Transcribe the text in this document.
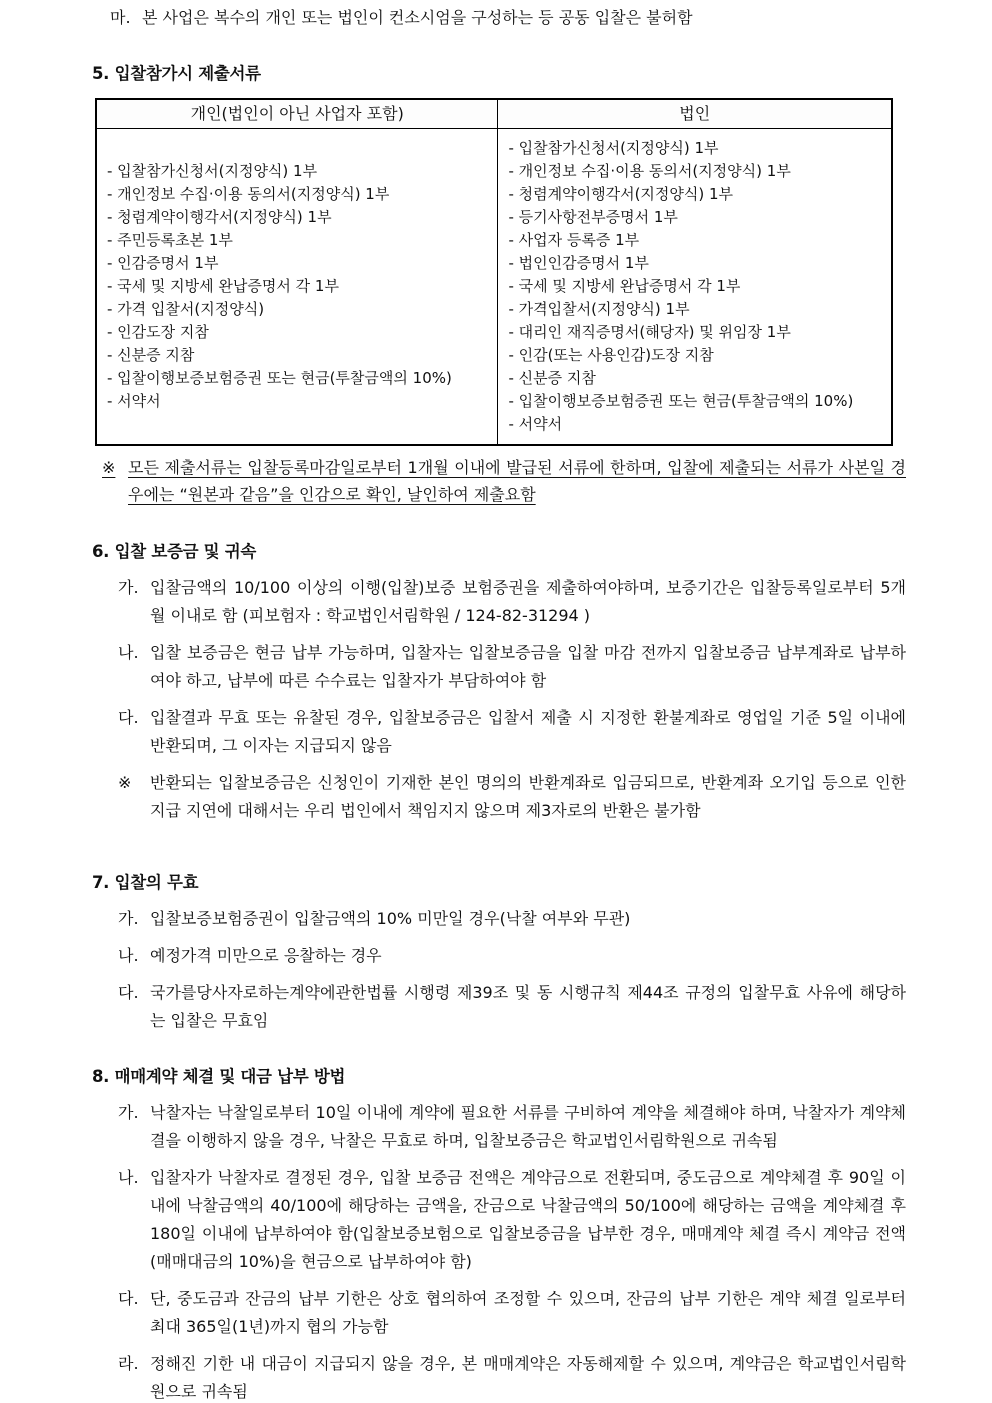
마. 본 사업은 복수의 개인 또는 법인이 컨소시엄을 구성하는 등 공동 입찰은 불허함
5. 입찰참가시 제출서류
개인(법인이 아닌 사업자 포함)	법인

- 입찰참가신청서(지정양식) 1부
- 개인정보 수집·이용 동의서(지정양식) 1부
- 청렴계약이행각서(지정양식) 1부
- 주민등록초본 1부
- 인감증명서 1부
- 국세 및 지방세 완납증명서 각 1부
- 가격 입찰서(지정양식)
- 인감도장 지참
- 신분증 지참
- 입찰이행보증보험증권 또는 현금(투찰금액의 10%)
- 서약서

- 입찰참가신청서(지정양식) 1부
- 개인정보 수집·이용 동의서(지정양식) 1부
- 청렴계약이행각서(지정양식) 1부
- 등기사항전부증명서 1부
- 사업자 등록증 1부
- 법인인감증명서 1부
- 국세 및 지방세 완납증명서 각 1부
- 가격입찰서(지정양식) 1부
- 대리인 재직증명서(해당자) 및 위임장 1부
- 인감(또는 사용인감)도장 지참
- 신분증 지참
- 입찰이행보증보험증권 또는 현금(투찰금액의 10%)
- 서약서
※ 모든 제출서류는 입찰등록마감일로부터 1개월 이내에 발급된 서류에 한하며, 입찰에 제출되는 서류가 사본일 경우에는 “원본과 같음”을 인감으로 확인, 날인하여 제출요함
6. 입찰 보증금 및 귀속
가. 입찰금액의 10/100 이상의 이행(입찰)보증 보험증권을 제출하여야하며, 보증기간은 입찰등록일로부터 5개월 이내로 함 (피보험자 : 학교법인서림학원 / 124-82-31294 )
나. 입찰 보증금은 현금 납부 가능하며, 입찰자는 입찰보증금을 입찰 마감 전까지 입찰보증금 납부계좌로 납부하여야 하고, 납부에 따른 수수료는 입찰자가 부담하여야 함
다. 입찰결과 무효 또는 유찰된 경우, 입찰보증금은 입찰서 제출 시 지정한 환불계좌로 영업일 기준 5일 이내에 반환되며, 그 이자는 지급되지 않음
※ 반환되는 입찰보증금은 신청인이 기재한 본인 명의의 반환계좌로 입금되므로, 반환계좌 오기입 등으로 인한 지급 지연에 대해서는 우리 법인에서 책임지지 않으며 제3자로의 반환은 불가함
7. 입찰의 무효
가. 입찰보증보험증권이 입찰금액의 10% 미만일 경우(낙찰 여부와 무관)
나. 예정가격 미만으로 응찰하는 경우
다. 국가를당사자로하는계약에관한법률 시행령 제39조 및 동 시행규칙 제44조 규정의 입찰무효 사유에 해당하는 입찰은 무효임
8. 매매계약 체결 및 대금 납부 방법
가. 낙찰자는 낙찰일로부터 10일 이내에 계약에 필요한 서류를 구비하여 계약을 체결해야 하며, 낙찰자가 계약체결을 이행하지 않을 경우, 낙찰은 무효로 하며, 입찰보증금은 학교법인서림학원으로 귀속됨
나. 입찰자가 낙찰자로 결정된 경우, 입찰 보증금 전액은 계약금으로 전환되며, 중도금으로 계약체결 후 90일 이내에 낙찰금액의 40/100에 해당하는 금액을, 잔금으로 낙찰금액의 50/100에 해당하는 금액을 계약체결 후 180일 이내에 납부하여야 함(입찰보증보험으로 입찰보증금을 납부한 경우, 매매계약 체결 즉시 계약금 전액(매매대금의 10%)을 현금으로 납부하여야 함)
다. 단, 중도금과 잔금의 납부 기한은 상호 협의하여 조정할 수 있으며, 잔금의 납부 기한은 계약 체결 일로부터 최대 365일(1년)까지 협의 가능함
라. 정해진 기한 내 대금이 지급되지 않을 경우, 본 매매계약은 자동해제할 수 있으며, 계약금은 학교법인서림학원으로 귀속됨
